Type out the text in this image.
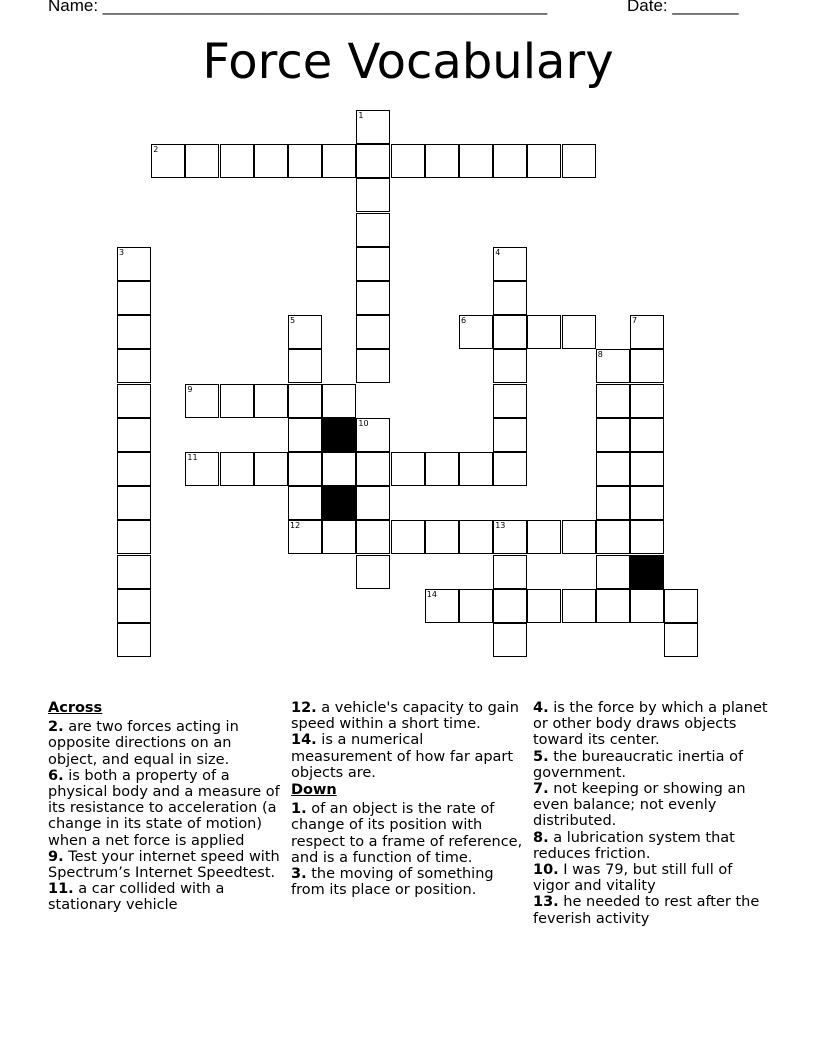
Name: _______________________________________________	Date: _______
Force Vocabulary
1
2
3	4
5	6	7
8
9
10
11
12	13
14
Across
2. are two forces acting in opposite directions on an object, and equal in size.
6. is both a property of a physical body and a measure of its resistance to acceleration (a change in its state of motion) when a net force is applied
9. Test your internet speed with Spectrum’s Internet Speedtest.
11. a car collided with a stationary vehicle
12. a vehicle's capacity to gain speed within a short time.
14. is a numerical measurement of how far apart objects are.
Down
1. of an object is the rate of change of its position with respect to a frame of reference, and is a function of time.
3. the moving of something from its place or position.
4. is the force by which a planet or other body draws objects toward its center.
5. the bureaucratic inertia of government.
7. not keeping or showing an even balance; not evenly distributed.
8. a lubrication system that reduces friction.
10. I was 79, but still full of vigor and vitality
13. he needed to rest after the feverish activity
